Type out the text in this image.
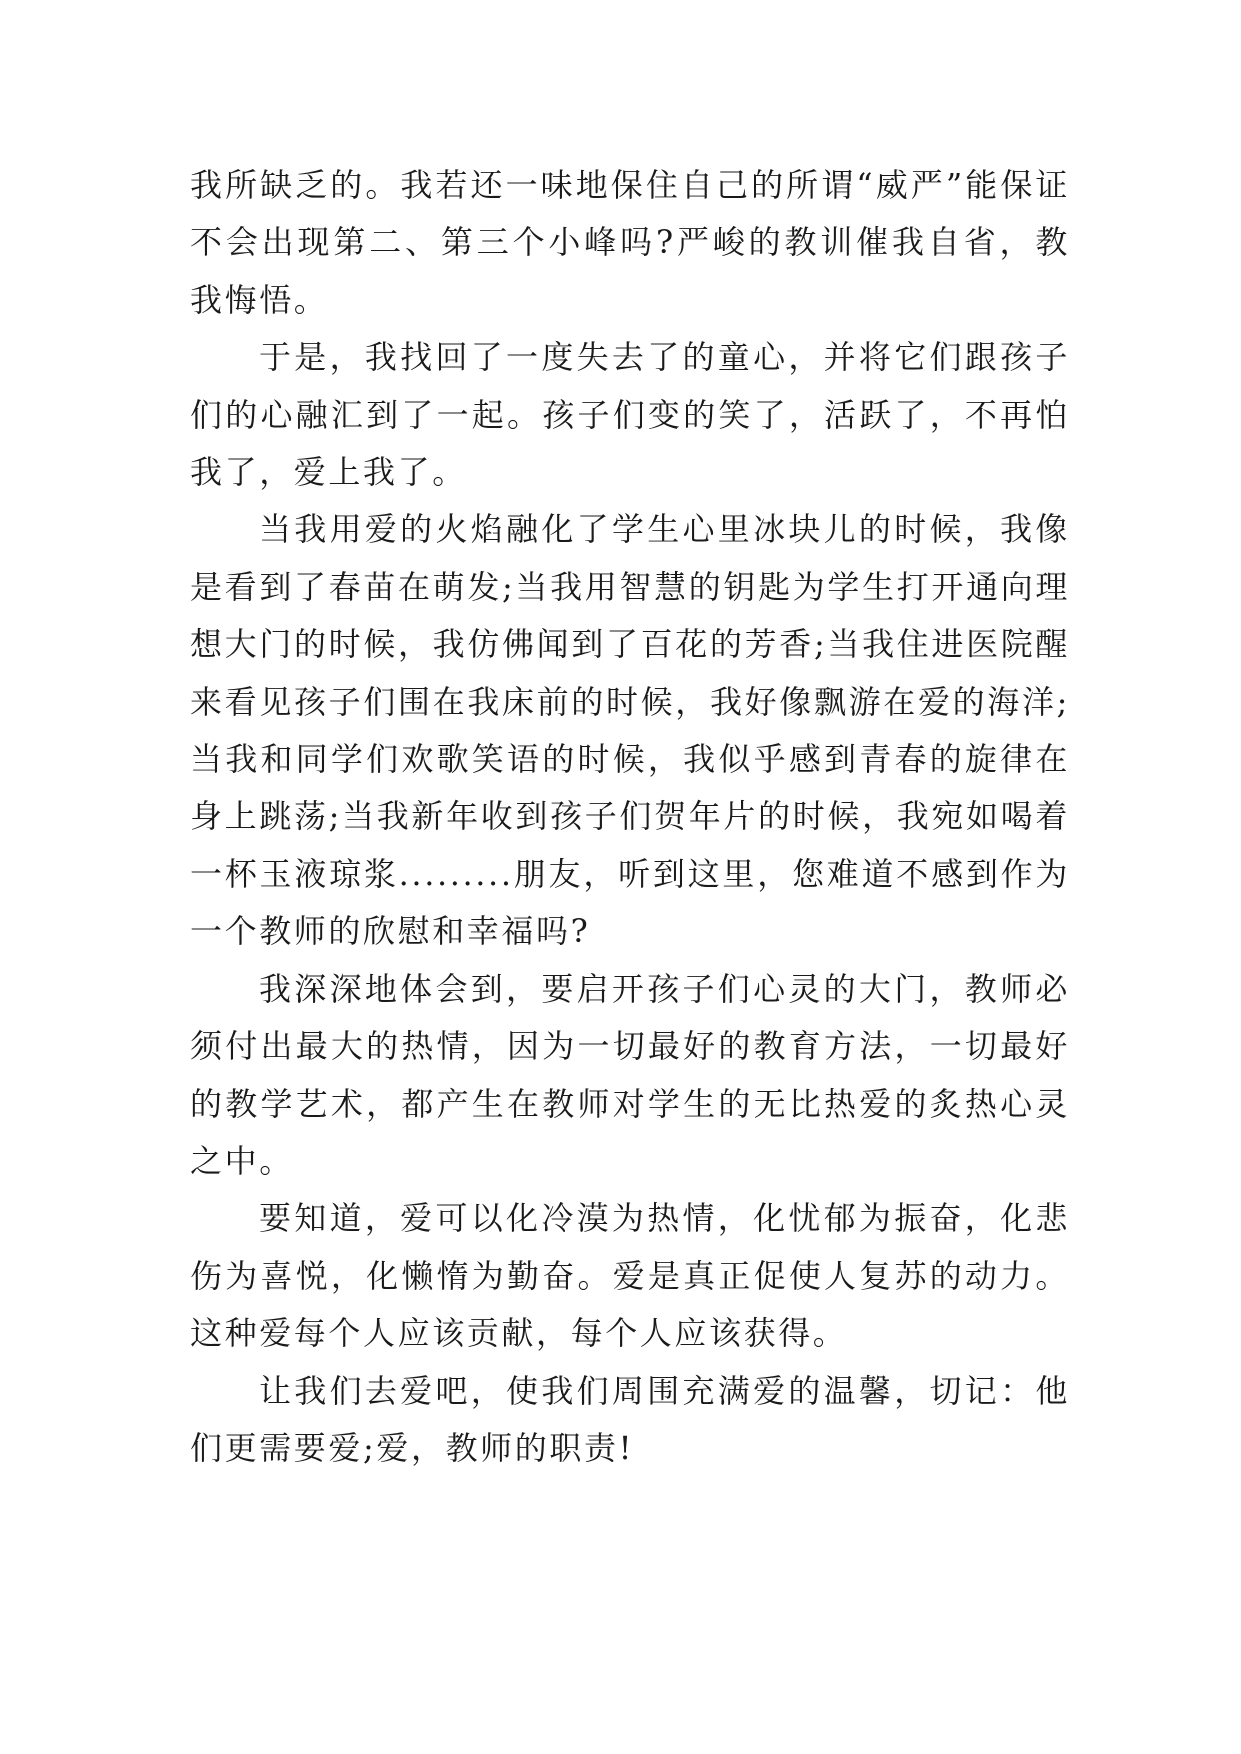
我所缺乏的。我若还一味地保住自己的所谓“威严”能保证不会出现第二、第三个小峰吗?严峻的教训催我自省，教我悔悟。

于是，我找回了一度失去了的童心，并将它们跟孩子们的心融汇到了一起。孩子们变的笑了，活跃了，不再怕我了，爱上我了。

当我用爱的火焰融化了学生心里冰块儿的时候，我像是看到了春苗在萌发;当我用智慧的钥匙为学生打开通向理想大门的时候，我仿佛闻到了百花的芳香;当我住进医院醒来看见孩子们围在我床前的时候，我好像飘游在爱的海洋;当我和同学们欢歌笑语的时候，我似乎感到青春的旋律在身上跳荡;当我新年收到孩子们贺年片的时候，我宛如喝着一杯玉液琼浆.........朋友，听到这里，您难道不感到作为一个教师的欣慰和幸福吗?

我深深地体会到，要启开孩子们心灵的大门，教师必须付出最大的热情，因为一切最好的教育方法，一切最好的教学艺术，都产生在教师对学生的无比热爱的炙热心灵之中。

要知道，爱可以化冷漠为热情，化忧郁为振奋，化悲伤为喜悦，化懒惰为勤奋。爱是真正促使人复苏的动力。这种爱每个人应该贡献，每个人应该获得。

让我们去爱吧，使我们周围充满爱的温馨，切记：他们更需要爱;爱，教师的职责!
